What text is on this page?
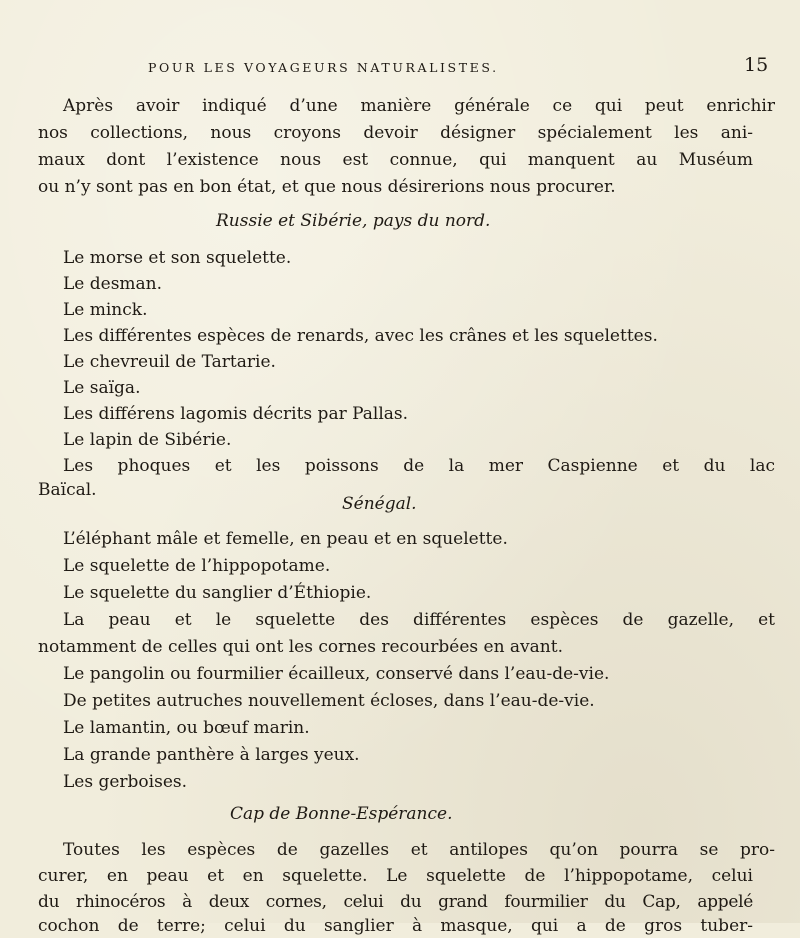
POUR LES VOYAGEURS NATURALISTES.	15
Après avoir indiqué d’une manière générale ce qui peut enrichir
nos collections, nous croyons devoir désigner spécialement les ani-
maux dont l’existence nous est connue, qui manquent au Muséum
ou n’y sont pas en bon état, et que nous désirerions nous procurer.
Russie et Sibérie, pays du nord.
Le morse et son squelette.
Le desman.
Le minck.
Les différentes espèces de renards, avec les crânes et les squelettes.
Le chevreuil de Tartarie.
Le saïga.
Les différens lagomis décrits par Pallas.
Le lapin de Sibérie.
Les phoques et les poissons de la mer Caspienne et du lac
Baïcal.
Sénégal.
L’éléphant mâle et femelle, en peau et en squelette.
Le squelette de l’hippopotame.
Le squelette du sanglier d’Éthiopie.
La peau et le squelette des différentes espèces de gazelle, et
notamment de celles qui ont les cornes recourbées en avant.
Le pangolin ou fourmilier écailleux, conservé dans l’eau-de-vie.
De petites autruches nouvellement écloses, dans l’eau-de-vie.
Le lamantin, ou bœuf marin.
La grande panthère à larges yeux.
Les gerboises.
Cap de Bonne-Espérance.
Toutes les espèces de gazelles et antilopes qu’on pourra se pro-
curer, en peau et en squelette. Le squelette de l’hippopotame, celui
du rhinocéros à deux cornes, celui du grand fourmilier du Cap, appelé
cochon de terre; celui du sanglier à masque, qui a de gros tuber-
